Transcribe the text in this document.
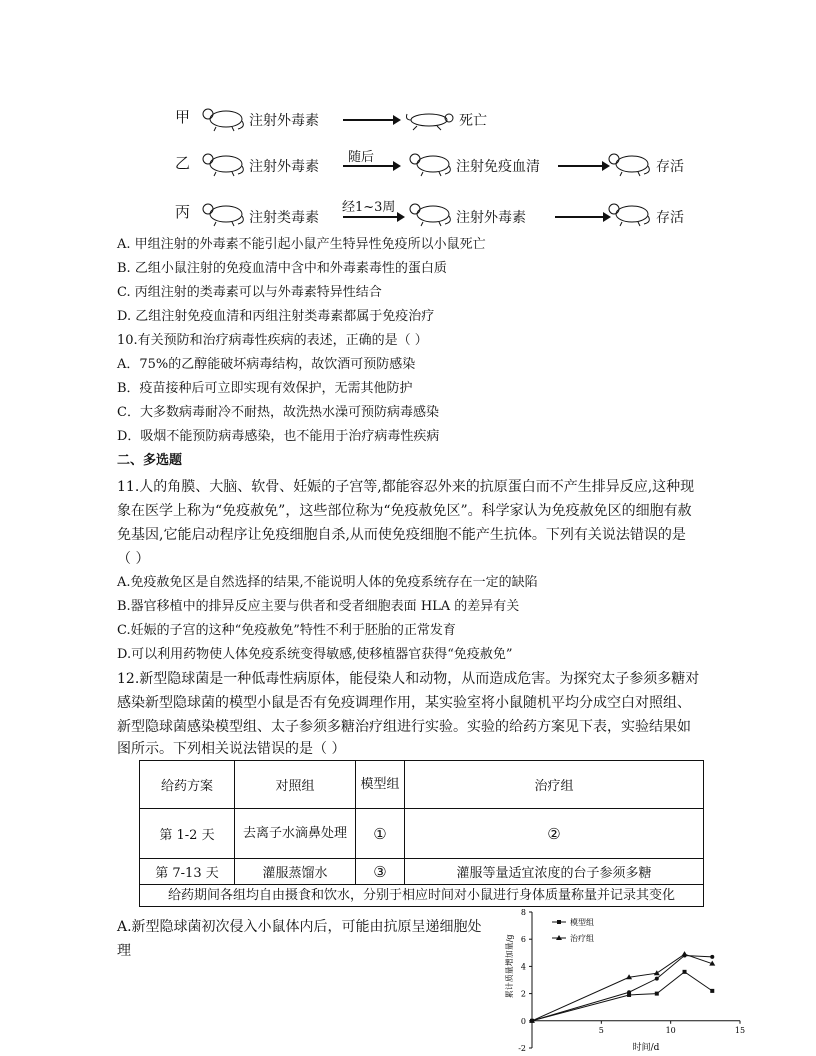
甲	注射外毒素	死亡
乙	注射外毒素
随后
注射免疫血清	存活
丙	注射类毒素
经1~3周
注射外毒素	存活
A. 甲组注射的外毒素不能引起小鼠产生特异性免疫所以小鼠死亡
B. 乙组小鼠注射的免疫血清中含中和外毒素毒性的蛋白质
C. 丙组注射的类毒素可以与外毒素特异性结合
D. 乙组注射免疫血清和丙组注射类毒素都属于免疫治疗
10.有关预防和治疗病毒性疾病的表述，正确的是（ ）
A．75%的乙醇能破坏病毒结构，故饮酒可预防感染
B．疫苗接种后可立即实现有效保护，无需其他防护
C．大多数病毒耐冷不耐热，故洗热水澡可预防病毒感染
D．吸烟不能预防病毒感染，也不能用于治疗病毒性疾病
二、多选题
11.人的角膜、大脑、软骨、妊娠的子宫等,都能容忍外来的抗原蛋白而不产生排异反应,这种现
象在医学上称为“免疫赦免”，这些部位称为“免疫赦免区”。科学家认为免疫赦免区的细胞有赦
免基因,它能启动程序让免疫细胞自杀,从而使免疫细胞不能产生抗体。下列有关说法错误的是
（ ）
A.免疫赦免区是自然选择的结果,不能说明人体的免疫系统存在一定的缺陷
B.器官移植中的排异反应主要与供者和受者细胞表面 HLA 的差异有关
C.妊娠的子宫的这种“免疫赦免”特性不利于胚胎的正常发育
D.可以利用药物使人体免疫系统变得敏感,使移植器官获得“免疫赦免”
12.新型隐球菌是一种低毒性病原体，能侵染人和动物，从而造成危害。为探究太子参须多糖对
感染新型隐球菌的模型小鼠是否有免疫调理作用，某实验室将小鼠随机平均分成空白对照组、
新型隐球菌感染模型组、太子参须多糖治疗组进行实验。实验的给药方案见下表，实验结果如
图所示。下列相关说法错误的是（ ）
给药方案	对照组	模型组	治疗组
第 1-2 天	去离子水滴鼻处理	①	②
第 7-13 天	灌服蒸馏水	③	灌服等量适宜浓度的台子参须多糖
给药期间各组均自由摄食和饮水，分别于相应时间对小鼠进行身体质量称量并记录其变化
A.新型隐球菌初次侵入小鼠体内后，可能由抗原呈递细胞处
理
-2
0
2
4
6
8
5	10	15
时间/d
累计质量增加量/g
模型组
治疗组
